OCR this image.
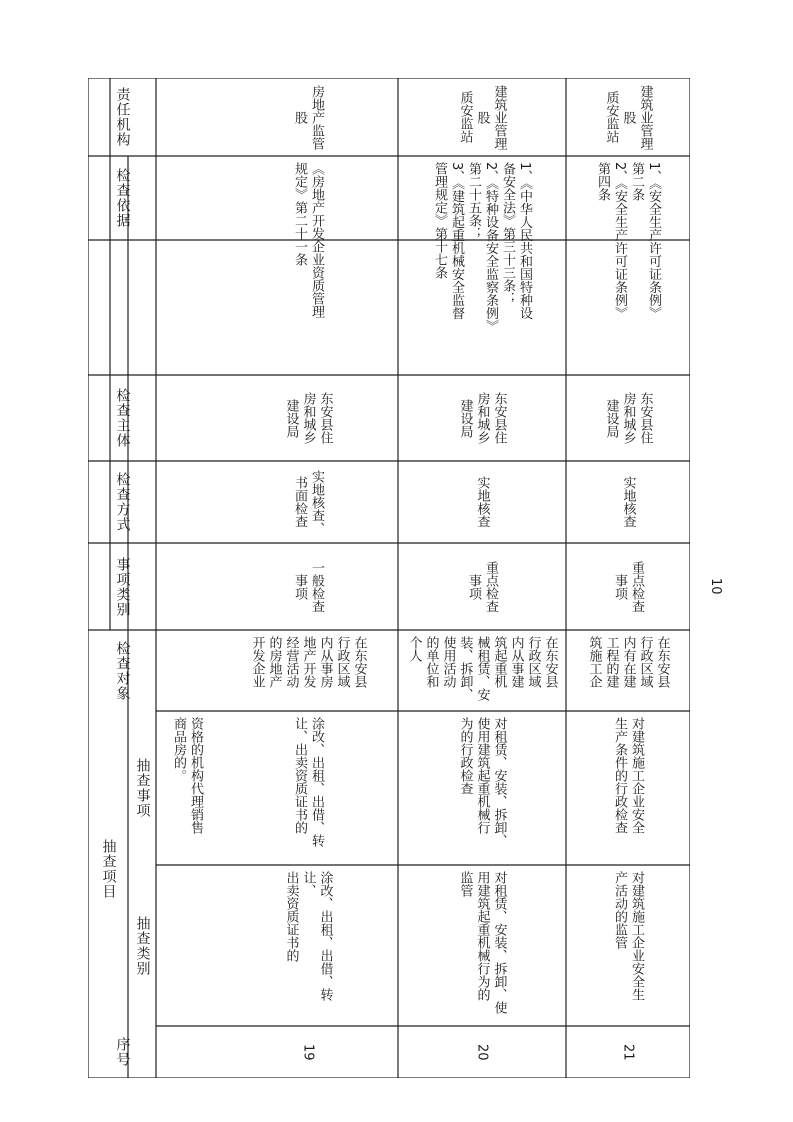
责任机构
检查依据
检查主体
检查方式
事项类别
检查对象
抽查项目
抽查事项
抽查类别
序号
资格的机构代理销售
商品房的。
房地产监管
股
《房地产开发企业资质管理
规定》第二十一条
东安县住
房和城乡
建设局
实地核查、
书面检查
一般检查
事项
在东安县
行政区域
内从事房
地产开发
经营活动
的房地产
开发企业
涂改、出租、出借、转
让、出卖资质证书的
涂改、出租、出借、转让、
出卖资质证书的
19
建筑业管理
股
质安监站
1、《中华人民共和国特种设
备安全法》第三十三条；
2、《特种设备安全监察条例》
第二十五条；
3、《建筑起重机械安全监督
管理规定》第十七条
东安县住
房和城乡
建设局
实地核查
重点检查
事项
在东安县
行政区域
内从事建
筑起重机
械租赁、安
装、拆卸、
使用活动
的单位和
个人
对租赁、安装、拆卸、
使用建筑起重机械行
为的行政检查
对租赁、安装、拆卸、使
用建筑起重机械行为的
监管
20
建筑业管理
股
质安监站
1、《安全生产许可证条例》
第二条
2、《安全生产许可证条例》
第四条
东安县住
房和城乡
建设局
实地核查
重点检查
事项
在东安县
行政区域
内有在建
工程的建
筑施工企
对建筑施工企业安全
生产条件的行政检查
对建筑施工企业安全生
产活动的监管
21
10
